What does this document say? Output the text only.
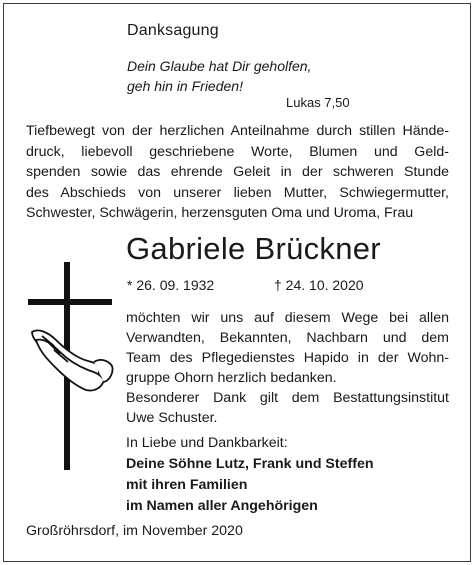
Danksagung
Dein Glaube hat Dir geholfen,
geh hin in Frieden!
Lukas 7,50
Tiefbewegt von der herzlichen Anteilnahme durch stillen Hände-
druck, liebevoll geschriebene Worte, Blumen und Geld-
spenden sowie das ehrende Geleit in der schweren Stunde
des Abschieds von unserer lieben Mutter, Schwiegermutter,
Schwester, Schwägerin, herzensguten Oma und Uroma, Frau
Gabriele Brückner
* 26. 09. 1932	† 24. 10. 2020
möchten wir uns auf diesem Wege bei allen
Verwandten, Bekannten, Nachbarn und dem
Team des Pflegedienstes Hapido in der Wohn-
gruppe Ohorn herzlich bedanken.
Besonderer Dank gilt dem Bestattungsinstitut
Uwe Schuster.
In Liebe und Dankbarkeit:
Deine Söhne Lutz, Frank und Steffen
mit ihren Familien
im Namen aller Angehörigen
Großröhrsdorf, im November 2020
